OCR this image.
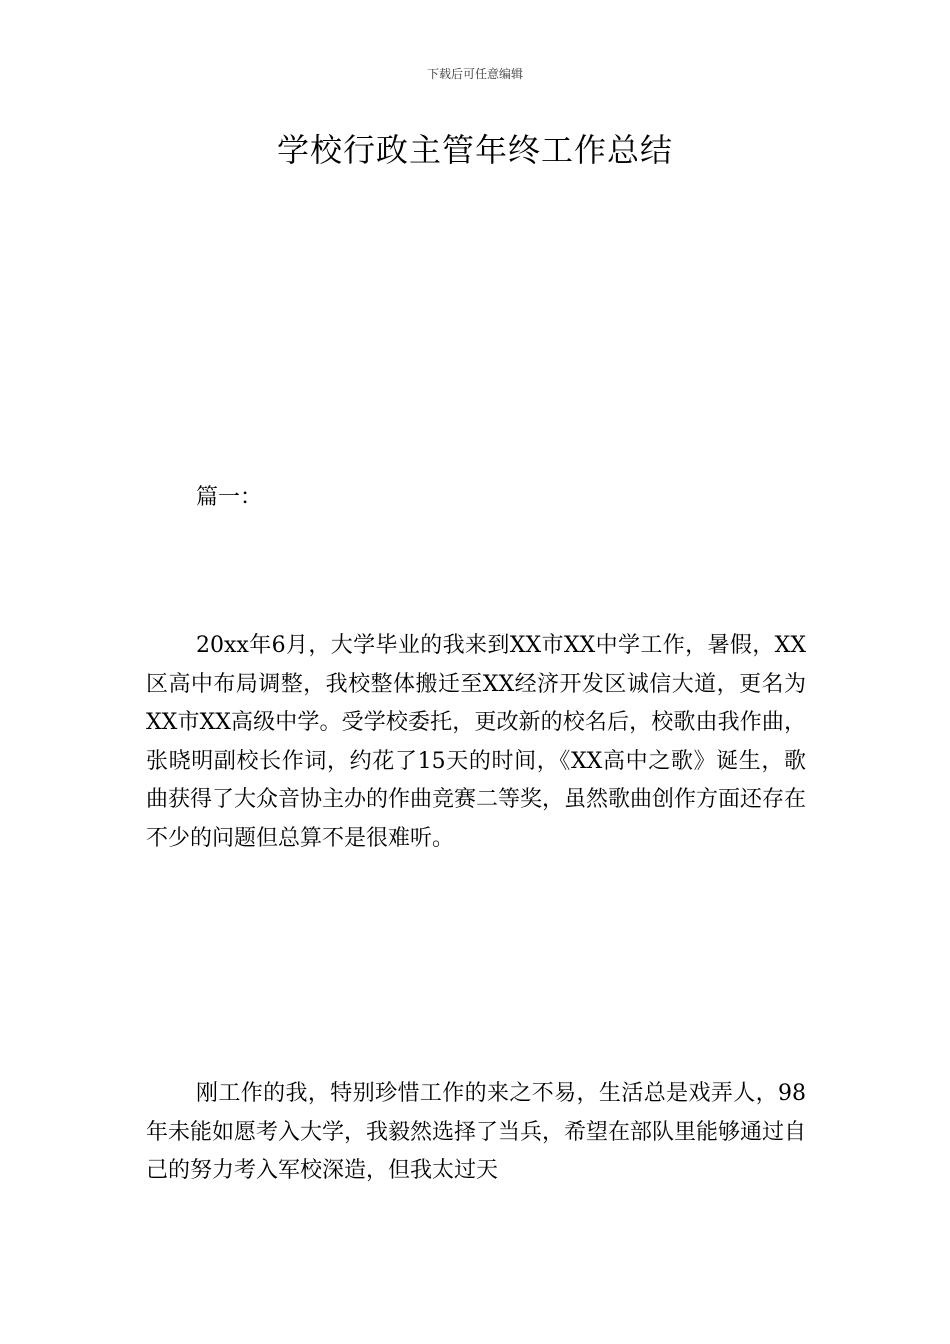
下载后可任意编辑
学校行政主管年终工作总结

篇一：

20xx年6月，大学毕业的我来到XX市XX中学工作，暑假，XX区高中布局调整，我校整体搬迁至XX经济开发区诚信大道，更名为XX市XX高级中学。受学校委托，更改新的校名后，校歌由我作曲，张晓明副校长作词，约花了15天的时间，《XX高中之歌》诞生，歌曲获得了大众音协主办的作曲竞赛二等奖，虽然歌曲创作方面还存在不少的问题但总算不是很难听。

刚工作的我，特别珍惜工作的来之不易，生活总是戏弄人，98年未能如愿考入大学，我毅然选择了当兵，希望在部队里能够通过自己的努力考入军校深造，但我太过天
